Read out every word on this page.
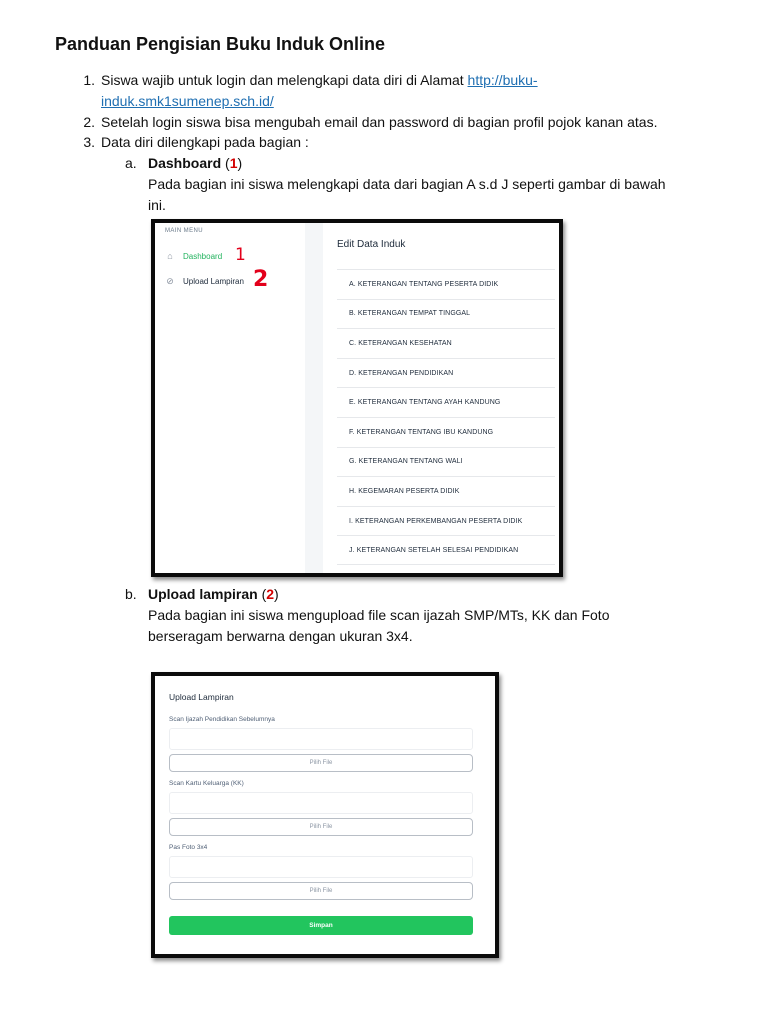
Panduan Pengisian Buku Induk Online
1. Siswa wajib untuk login dan melengkapi data diri di Alamat http://buku-
induk.smk1sumenep.sch.id/
2. Setelah login siswa bisa mengubah email dan password di bagian profil pojok kanan atas.
3. Data diri dilengkapi pada bagian :
a. Dashboard (1)
Pada bagian ini siswa melengkapi data dari bagian A s.d J seperti gambar di bawah
ini.
MAIN MENU
⌂ Dashboard
⊘ Upload Lampiran
1
2
Edit Data Induk
A. KETERANGAN TENTANG PESERTA DIDIK
B. KETERANGAN TEMPAT TINGGAL
C. KETERANGAN KESEHATAN
D. KETERANGAN PENDIDIKAN
E. KETERANGAN TENTANG AYAH KANDUNG
F. KETERANGAN TENTANG IBU KANDUNG
G. KETERANGAN TENTANG WALI
H. KEGEMARAN PESERTA DIDIK
I. KETERANGAN PERKEMBANGAN PESERTA DIDIK
J. KETERANGAN SETELAH SELESAI PENDIDIKAN
b. Upload lampiran (2)
Pada bagian ini siswa mengupload file scan ijazah SMP/MTs, KK dan Foto
berseragam berwarna dengan ukuran 3x4.
Upload Lampiran
Scan Ijazah Pendidikan Sebelumnya
Pilih File
Scan Kartu Keluarga (KK)
Pilih File
Pas Foto 3x4
Pilih File
Simpan
